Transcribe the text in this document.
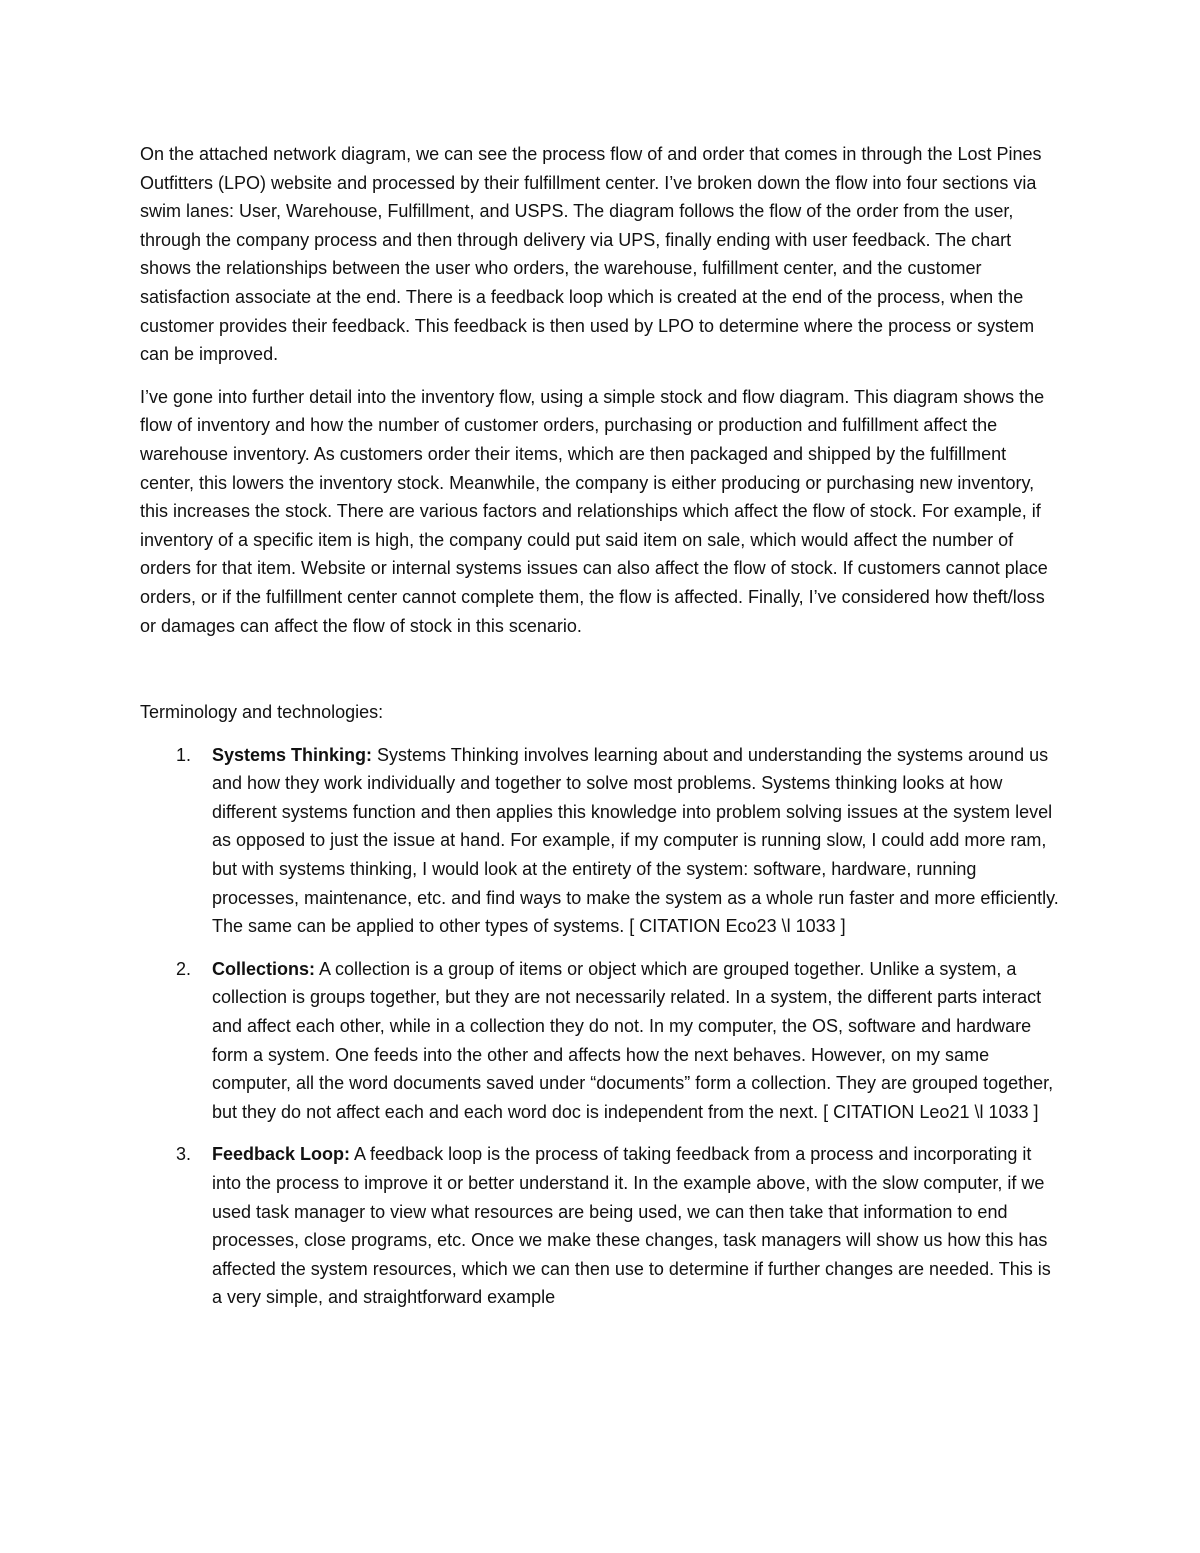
On the attached network diagram, we can see the process flow of and order that comes in through the Lost Pines Outfitters (LPO) website and processed by their fulfillment center. I’ve broken down the flow into four sections via swim lanes: User, Warehouse, Fulfillment, and USPS. The diagram follows the flow of the order from the user, through the company process and then through delivery via UPS, finally ending with user feedback. The chart shows the relationships between the user who orders, the warehouse, fulfillment center, and the customer satisfaction associate at the end. There is a feedback loop which is created at the end of the process, when the customer provides their feedback. This feedback is then used by LPO to determine where the process or system can be improved.

I’ve gone into further detail into the inventory flow, using a simple stock and flow diagram. This diagram shows the flow of inventory and how the number of customer orders, purchasing or production and fulfillment affect the warehouse inventory. As customers order their items, which are then packaged and shipped by the fulfillment center, this lowers the inventory stock. Meanwhile, the company is either producing or purchasing new inventory, this increases the stock. There are various factors and relationships which affect the flow of stock. For example, if inventory of a specific item is high, the company could put said item on sale, which would affect the number of orders for that item. Website or internal systems issues can also affect the flow of stock. If customers cannot place orders, or if the fulfillment center cannot complete them, the flow is affected. Finally, I’ve considered how theft/loss or damages can affect the flow of stock in this scenario.

Terminology and technologies:

1. Systems Thinking: Systems Thinking involves learning about and understanding the systems around us and how they work individually and together to solve most problems. Systems thinking looks at how different systems function and then applies this knowledge into problem solving issues at the system level as opposed to just the issue at hand. For example, if my computer is running slow, I could add more ram, but with systems thinking, I would look at the entirety of the system: software, hardware, running processes, maintenance, etc. and find ways to make the system as a whole run faster and more efficiently. The same can be applied to other types of systems. [ CITATION Eco23 \l 1033 ]
2. Collections: A collection is a group of items or object which are grouped together. Unlike a system, a collection is groups together, but they are not necessarily related. In a system, the different parts interact and affect each other, while in a collection they do not. In my computer, the OS, software and hardware form a system. One feeds into the other and affects how the next behaves. However, on my same computer, all the word documents saved under “documents” form a collection. They are grouped together, but they do not affect each and each word doc is independent from the next. [ CITATION Leo21 \l 1033 ]
3. Feedback Loop: A feedback loop is the process of taking feedback from a process and incorporating it into the process to improve it or better understand it. In the example above, with the slow computer, if we used task manager to view what resources are being used, we can then take that information to end processes, close programs, etc. Once we make these changes, task managers will show us how this has affected the system resources, which we can then use to determine if further changes are needed. This is a very simple, and straightforward example
